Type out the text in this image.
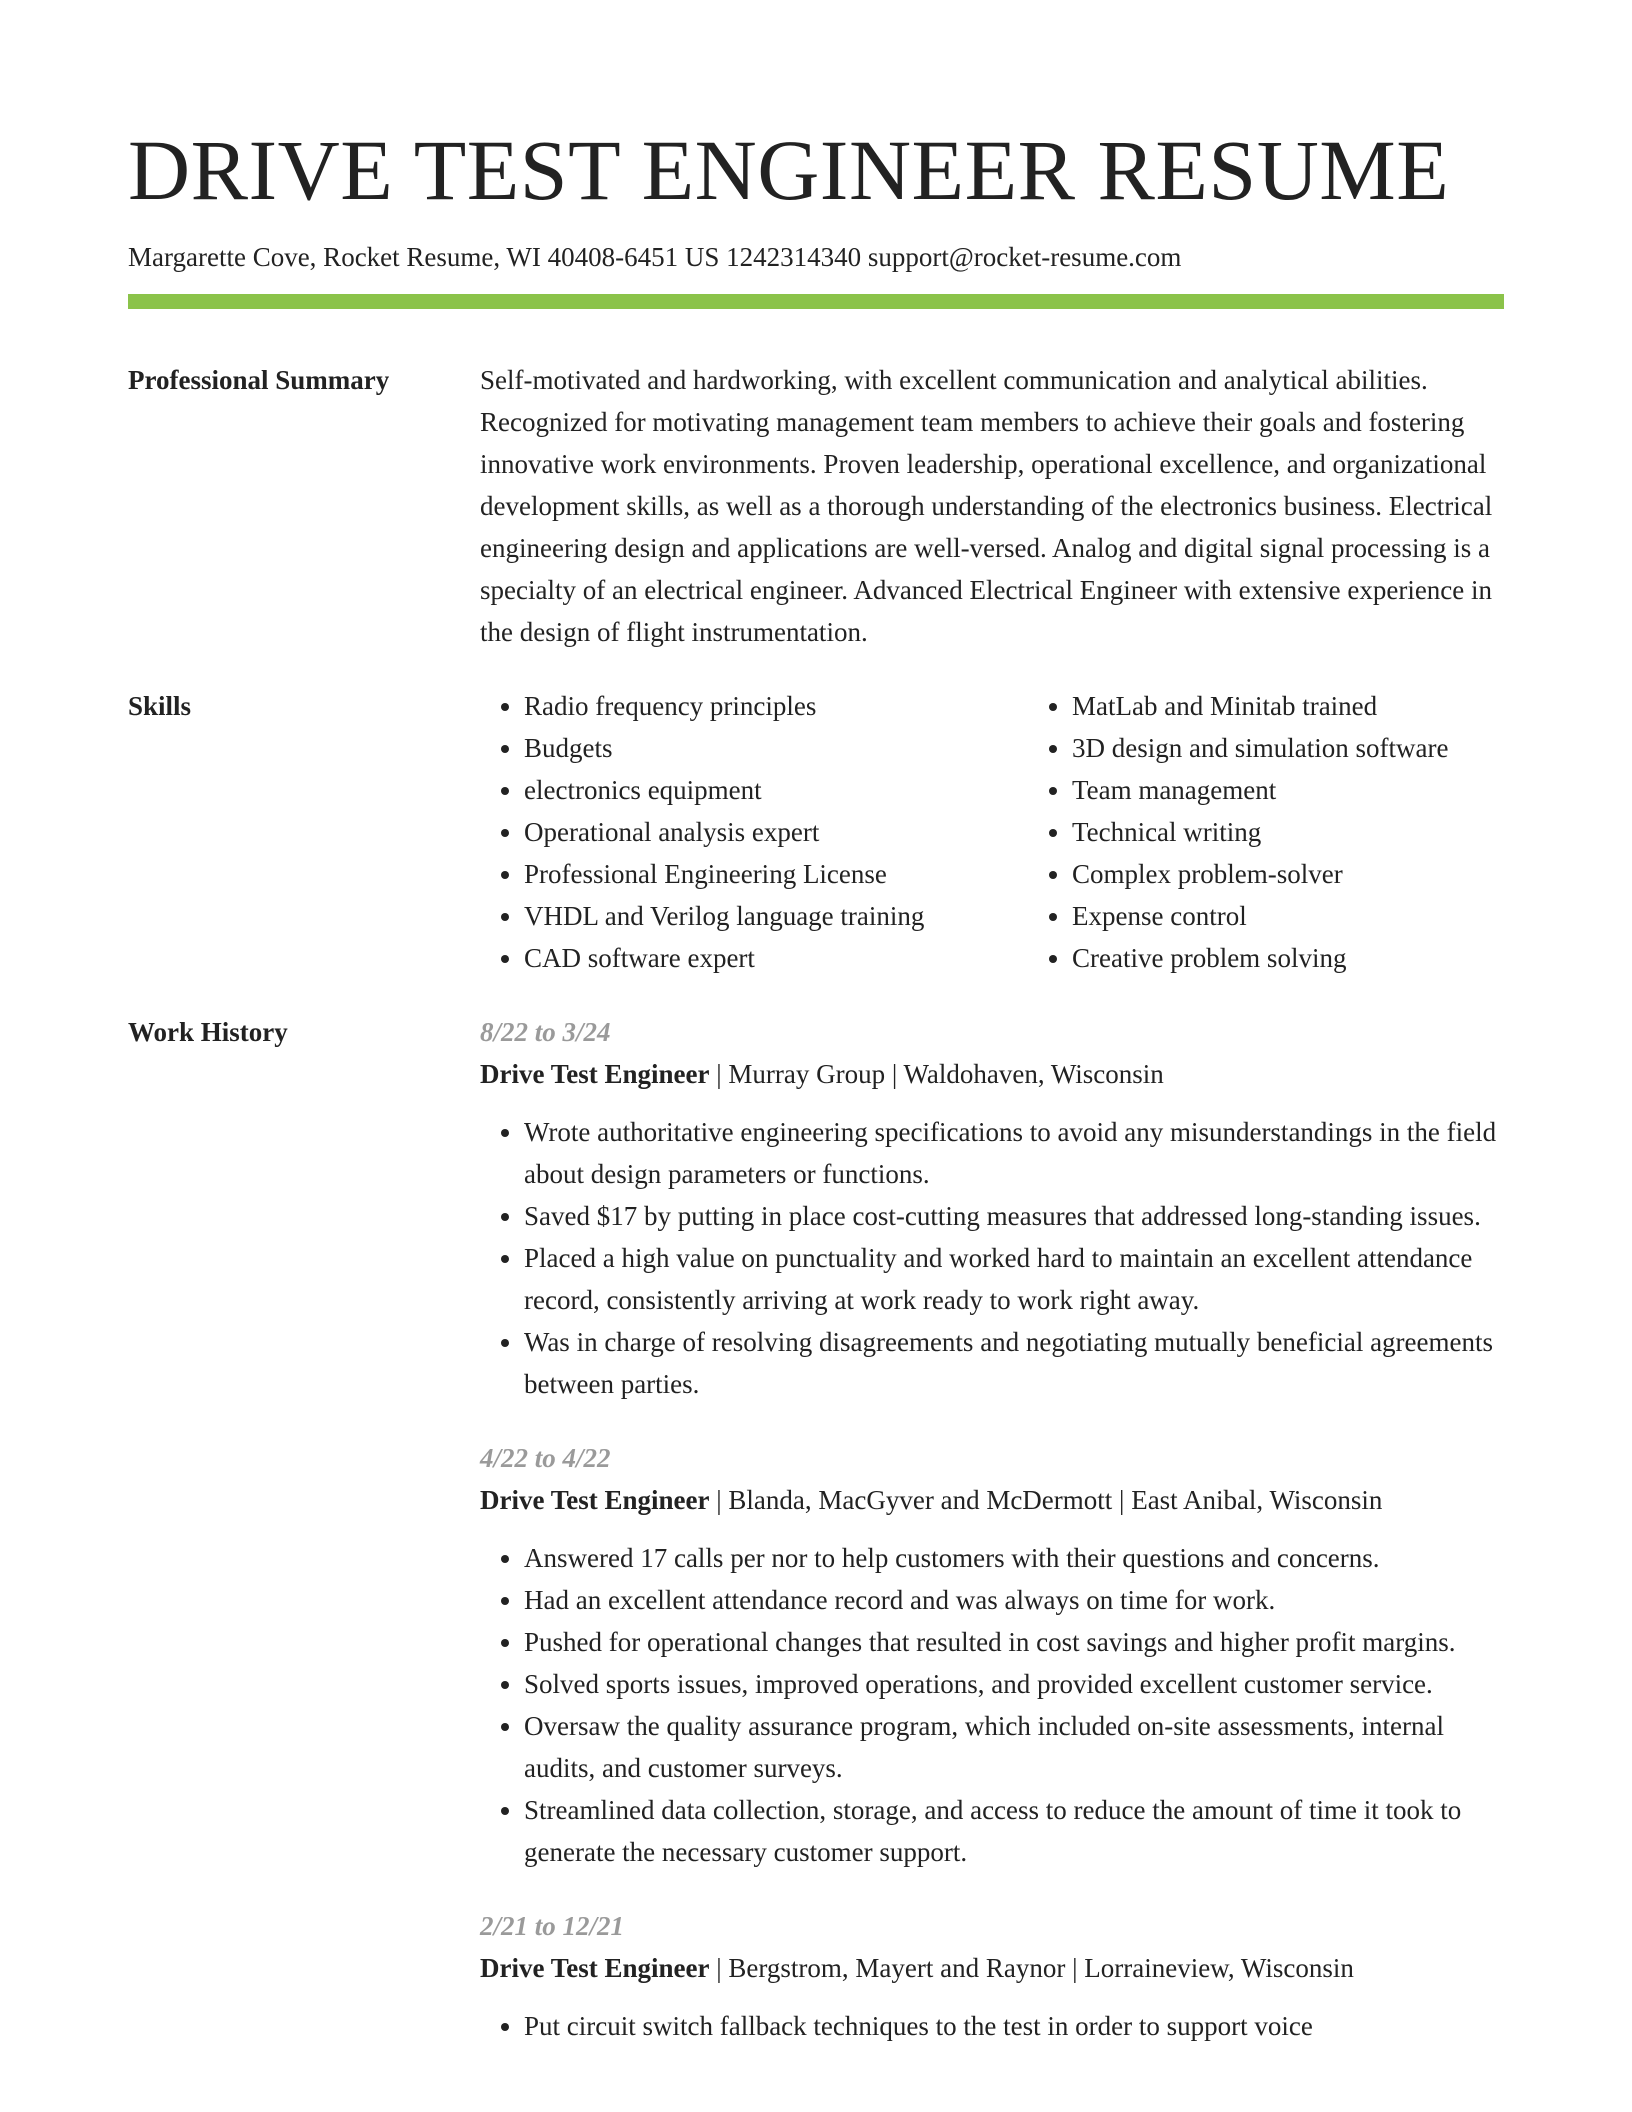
DRIVE TEST ENGINEER RESUME
Margarette Cove, Rocket Resume, WI 40408-6451 US 1242314340 support@rocket-resume.com
Professional Summary	Self-motivated and hardworking, with excellent communication and analytical abilities. Recognized for motivating management team members to achieve their goals and fostering innovative work environments. Proven leadership, operational excellence, and organizational development skills, as well as a thorough understanding of the electronics business. Electrical engineering design and applications are well-versed. Analog and digital signal processing is a specialty of an electrical engineer. Advanced Electrical Engineer with extensive experience in the design of flight instrumentation.
Skills
•	Radio frequency principles
• Budgets
• electronics equipment
• Operational analysis expert
• Professional Engineering License
• VHDL and Verilog language training
• CAD software expert
• MatLab and Minitab trained
• 3D design and simulation software
• Team management
• Technical writing
• Complex problem-solver
• Expense control
• Creative problem solving
Work History	8/22 to 3/24
Drive Test Engineer | Murray Group | Waldohaven, Wisconsin
• Wrote authoritative engineering specifications to avoid any misunderstandings in the field about design parameters or functions.
• Saved $17 by putting in place cost-cutting measures that addressed long-standing issues.
• Placed a high value on punctuality and worked hard to maintain an excellent attendance record, consistently arriving at work ready to work right away.
• Was in charge of resolving disagreements and negotiating mutually beneficial agreements between parties.
4/22 to 4/22
Drive Test Engineer | Blanda, MacGyver and McDermott | East Anibal, Wisconsin
• Answered 17 calls per nor to help customers with their questions and concerns.
• Had an excellent attendance record and was always on time for work.
• Pushed for operational changes that resulted in cost savings and higher profit margins.
• Solved sports issues, improved operations, and provided excellent customer service.
• Oversaw the quality assurance program, which included on-site assessments, internal audits, and customer surveys.
• Streamlined data collection, storage, and access to reduce the amount of time it took to generate the necessary customer support.
2/21 to 12/21
Drive Test Engineer | Bergstrom, Mayert and Raynor | Lorraineview, Wisconsin
• Put circuit switch fallback techniques to the test in order to support voice
